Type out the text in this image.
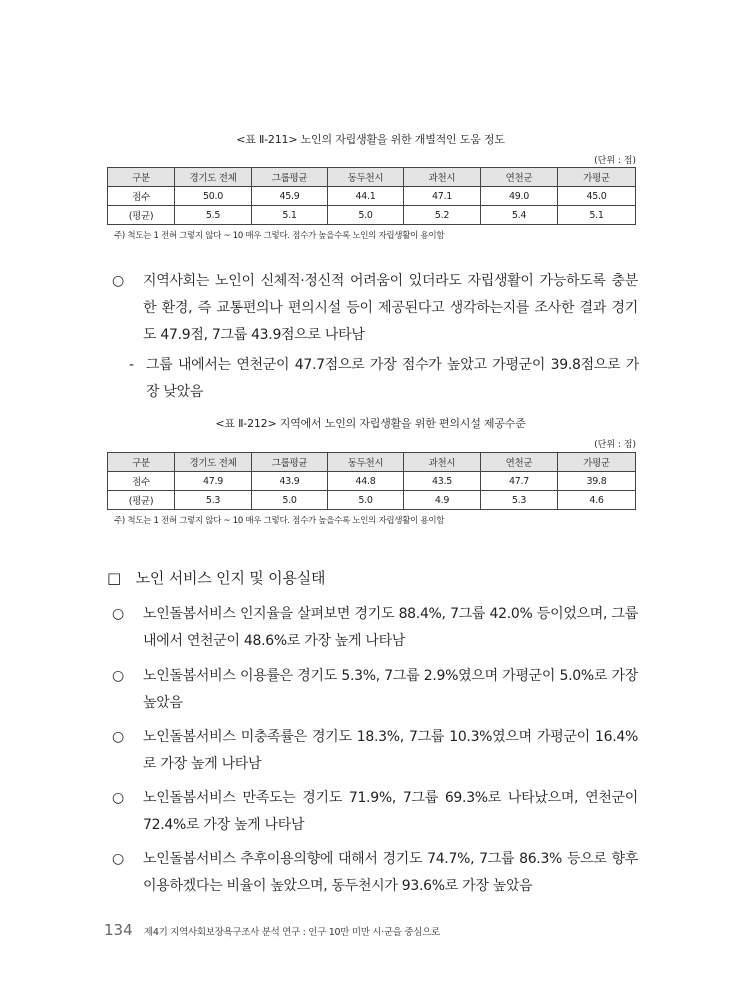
<표 Ⅱ-211> 노인의 자립생활을 위한 개별적인 도움 정도
(단위 : 점)
구분	경기도 전체	그룹평균	동두천시	과천시	연천군	가평군
점수	50.0	45.9	44.1	47.1	49.0	45.0
(평균)	5.5	5.1	5.0	5.2	5.4	5.1
주) 척도는 1 전혀 그렇지 않다 ~ 10 매우 그렇다. 점수가 높을수록 노인의 자립생활이 용이함
○	지역사회는 노인이 신체적·정신적 어려움이 있더라도 자립생활이 가능하도록 충분한 환경, 즉 교통편의나 편의시설 등이 제공된다고 생각하는지를 조사한 결과 경기도 47.9점, 7그룹 43.9점으로 나타남
- 그룹 내에서는 연천군이 47.7점으로 가장 점수가 높았고 가평군이 39.8점으로 가장 낮았음
<표 Ⅱ-212> 지역에서 노인의 자립생활을 위한 편의시설 제공수준
(단위 : 점)
구분	경기도 전체	그룹평균	동두천시	과천시	연천군	가평군
점수	47.9	43.9	44.8	43.5	47.7	39.8
(평균)	5.3	5.0	5.0	4.9	5.3	4.6
주) 척도는 1 전혀 그렇지 않다 ~ 10 매우 그렇다. 점수가 높을수록 노인의 자립생활이 용이함
□ 노인 서비스 인지 및 이용실태
○	노인돌봄서비스 인지율을 살펴보면 경기도 88.4%, 7그룹 42.0% 등이었으며, 그룹 내에서 연천군이 48.6%로 가장 높게 나타남
○	노인돌봄서비스 이용률은 경기도 5.3%, 7그룹 2.9%였으며 가평군이 5.0%로 가장 높았음
○	노인돌봄서비스 미충족률은 경기도 18.3%, 7그룹 10.3%였으며 가평군이 16.4%로 가장 높게 나타남
○	노인돌봄서비스 만족도는 경기도 71.9%, 7그룹 69.3%로 나타났으며, 연천군이 72.4%로 가장 높게 나타남
○	노인돌봄서비스 추후이용의향에 대해서 경기도 74.7%, 7그룹 86.3% 등으로 향후 이용하겠다는 비율이 높았으며, 동두천시가 93.6%로 가장 높았음
134 제4기 지역사회보장욕구조사 분석 연구 : 인구 10만 미만 시·군을 중심으로
